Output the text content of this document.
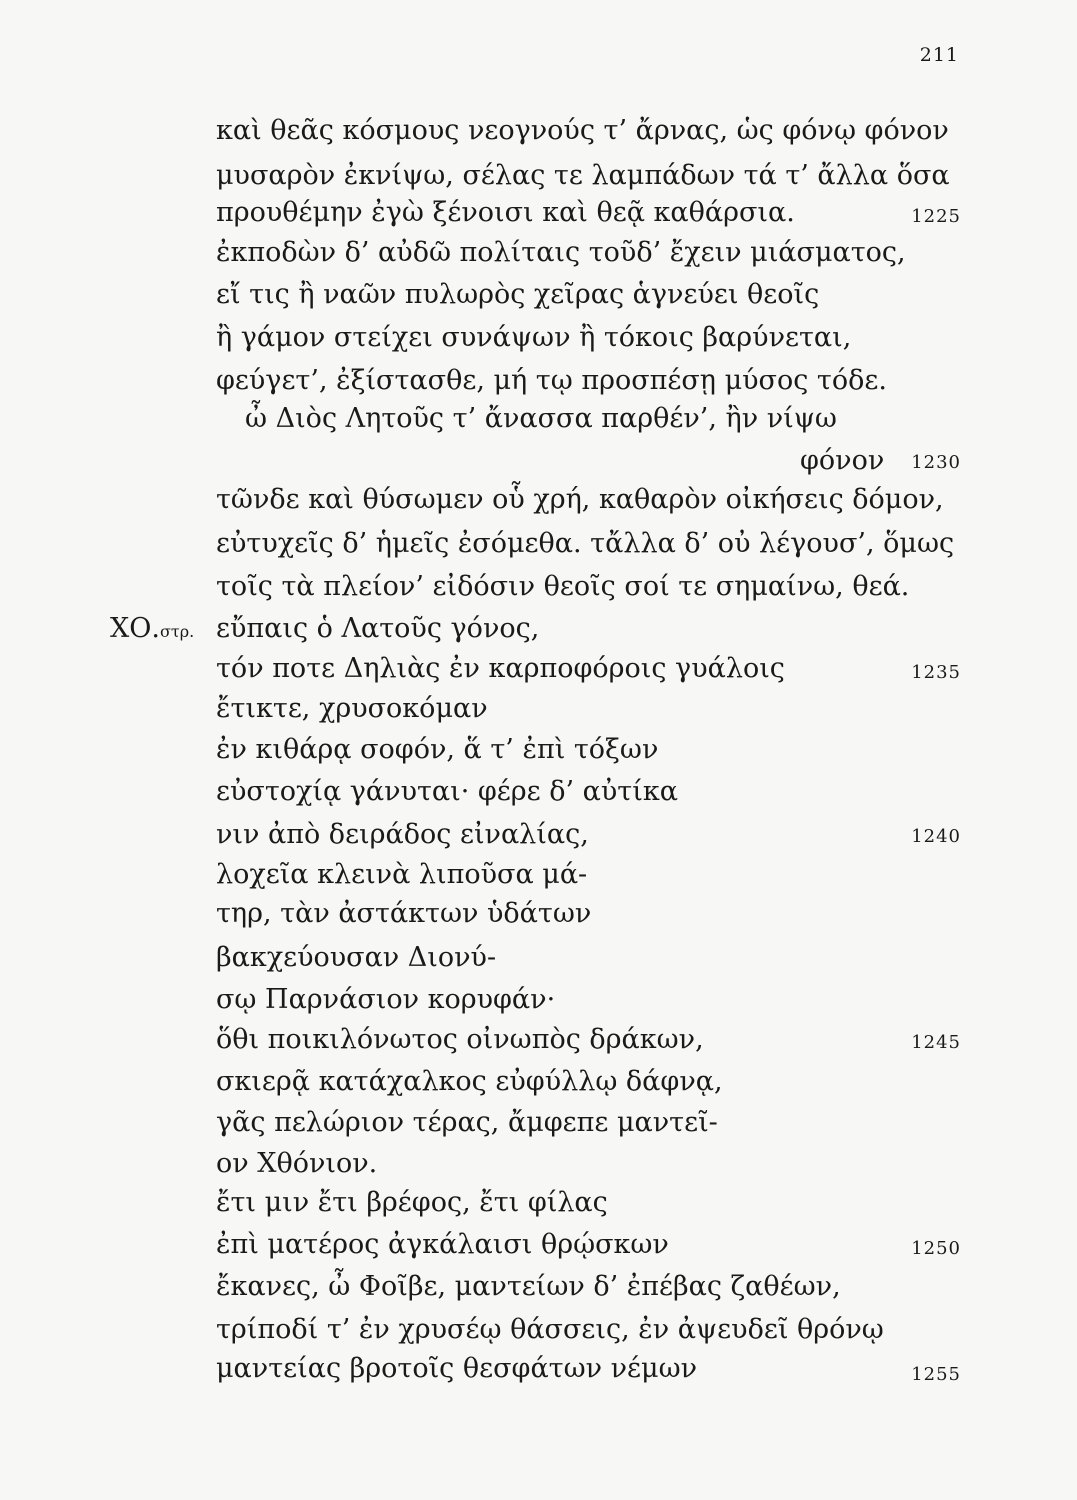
211
ΧΟ.στρ.
καὶ θεᾶς κόσμους νεογνούς τ’ ἄρνας, ὡς φόνῳ φόνον
μυσαρὸν ἐκνίψω, σέλας τε λαμπάδων τά τ’ ἄλλα ὅσα
προυθέμην ἐγὼ ξένοισι καὶ θεᾷ καθάρσια.	1225
ἐκποδὼν δ’ αὐδῶ πολίταις τοῦδ’ ἔχειν μιάσματος,
εἴ τις ἢ ναῶν πυλωρὸς χεῖρας ἁγνεύει θεοῖς
ἢ γάμον στείχει συνάψων ἢ τόκοις βαρύνεται,
φεύγετ’, ἐξίστασθε, μή τῳ προσπέσῃ μύσος τόδε.
ὦ Διὸς Λητοῦς τ’ ἄνασσα παρθέν’, ἢν νίψω
φόνον 1230
τῶνδε καὶ θύσωμεν οὗ χρή, καθαρὸν οἰκήσεις δόμον,
εὐτυχεῖς δ’ ἡμεῖς ἐσόμεθα. τἄλλα δ’ οὐ λέγουσ’, ὅμως
τοῖς τὰ πλείον’ εἰδόσιν θεοῖς σοί τε σημαίνω, θεά.
εὔπαις ὁ Λατοῦς γόνος,
τόν ποτε Δηλιὰς ἐν καρποφόροις γυάλοις	1235
ἔτικτε, χρυσοκόμαν
ἐν κιθάρᾳ σοφόν, ἅ τ’ ἐπὶ τόξων
εὐστοχίᾳ γάνυται· φέρε δ’ αὐτίκα
νιν ἀπὸ δειράδος εἰναλίας,	1240
λοχεῖα κλεινὰ λιποῦσα μά-
τηρ, τὰν ἀστάκτων ὑδάτων
βακχεύουσαν Διονύ-
σῳ Παρνάσιον κορυφάν·
ὅθι ποικιλόνωτος οἰνωπὸς δράκων,	1245
σκιερᾷ κατάχαλκος εὐφύλλῳ δάφνᾳ,
γᾶς πελώριον τέρας, ἄμφεπε μαντεῖ-
ον Χθόνιον.
ἔτι μιν ἔτι βρέφος, ἔτι φίλας
ἐπὶ ματέρος ἀγκάλαισι θρῴσκων	1250
ἔκανες, ὦ Φοῖβε, μαντείων δ’ ἐπέβας ζαθέων,
τρίποδί τ’ ἐν χρυσέῳ θάσσεις, ἐν ἀψευδεῖ θρόνῳ
μαντείας βροτοῖς θεσφάτων νέμων	1255
